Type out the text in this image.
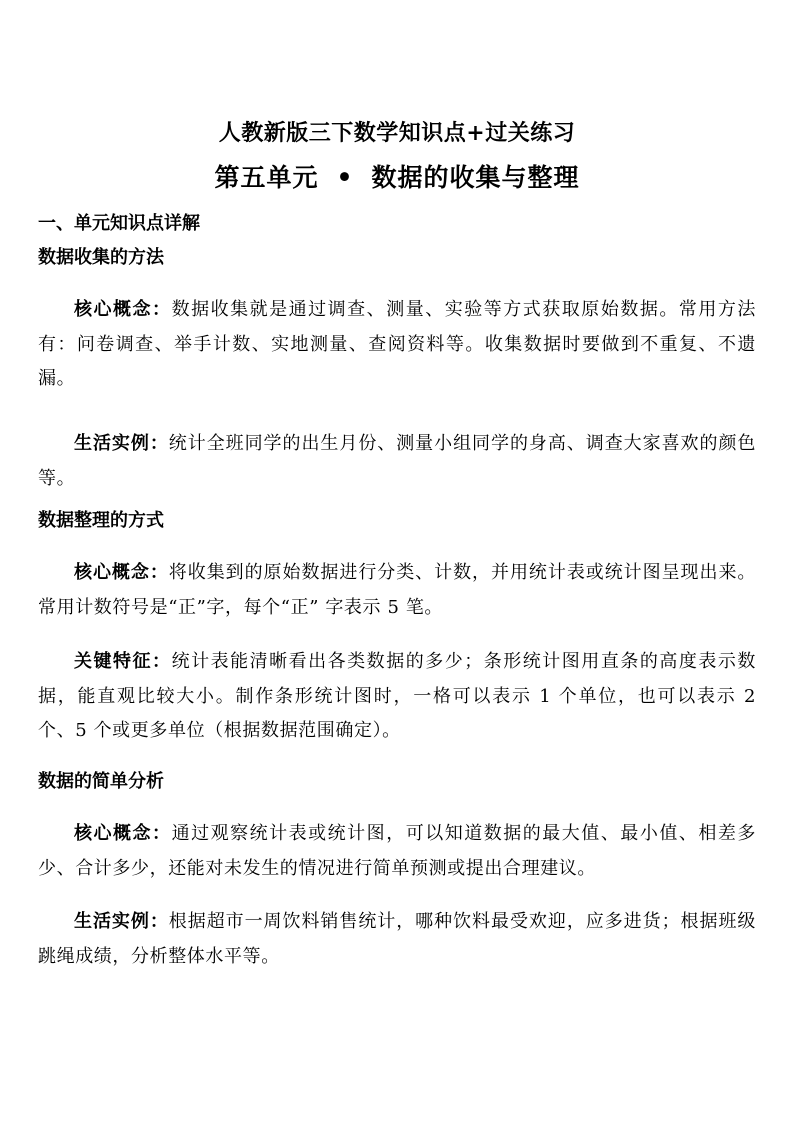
人教新版三下数学知识点+过关练习
第五单元 • 数据的收集与整理
一、单元知识点详解
数据收集的方法

核心概念：数据收集就是通过调查、测量、实验等方式获取原始数据。常用方法有：问卷调查、举手计数、实地测量、查阅资料等。收集数据时要做到不重复、不遗漏。

生活实例：统计全班同学的出生月份、测量小组同学的身高、调查大家喜欢的颜色等。

数据整理的方式

核心概念：将收集到的原始数据进行分类、计数，并用统计表或统计图呈现出来。常用计数符号是“正”字，每个“正” 字表示 5 笔。

关键特征：统计表能清晰看出各类数据的多少；条形统计图用直条的高度表示数据，能直观比较大小。制作条形统计图时，一格可以表示 1 个单位，也可以表示 2 个、5 个或更多单位（根据数据范围确定）。

数据的简单分析

核心概念：通过观察统计表或统计图，可以知道数据的最大值、最小值、相差多少、合计多少，还能对未发生的情况进行简单预测或提出合理建议。

生活实例：根据超市一周饮料销售统计，哪种饮料最受欢迎，应多进货；根据班级跳绳成绩，分析整体水平等。
